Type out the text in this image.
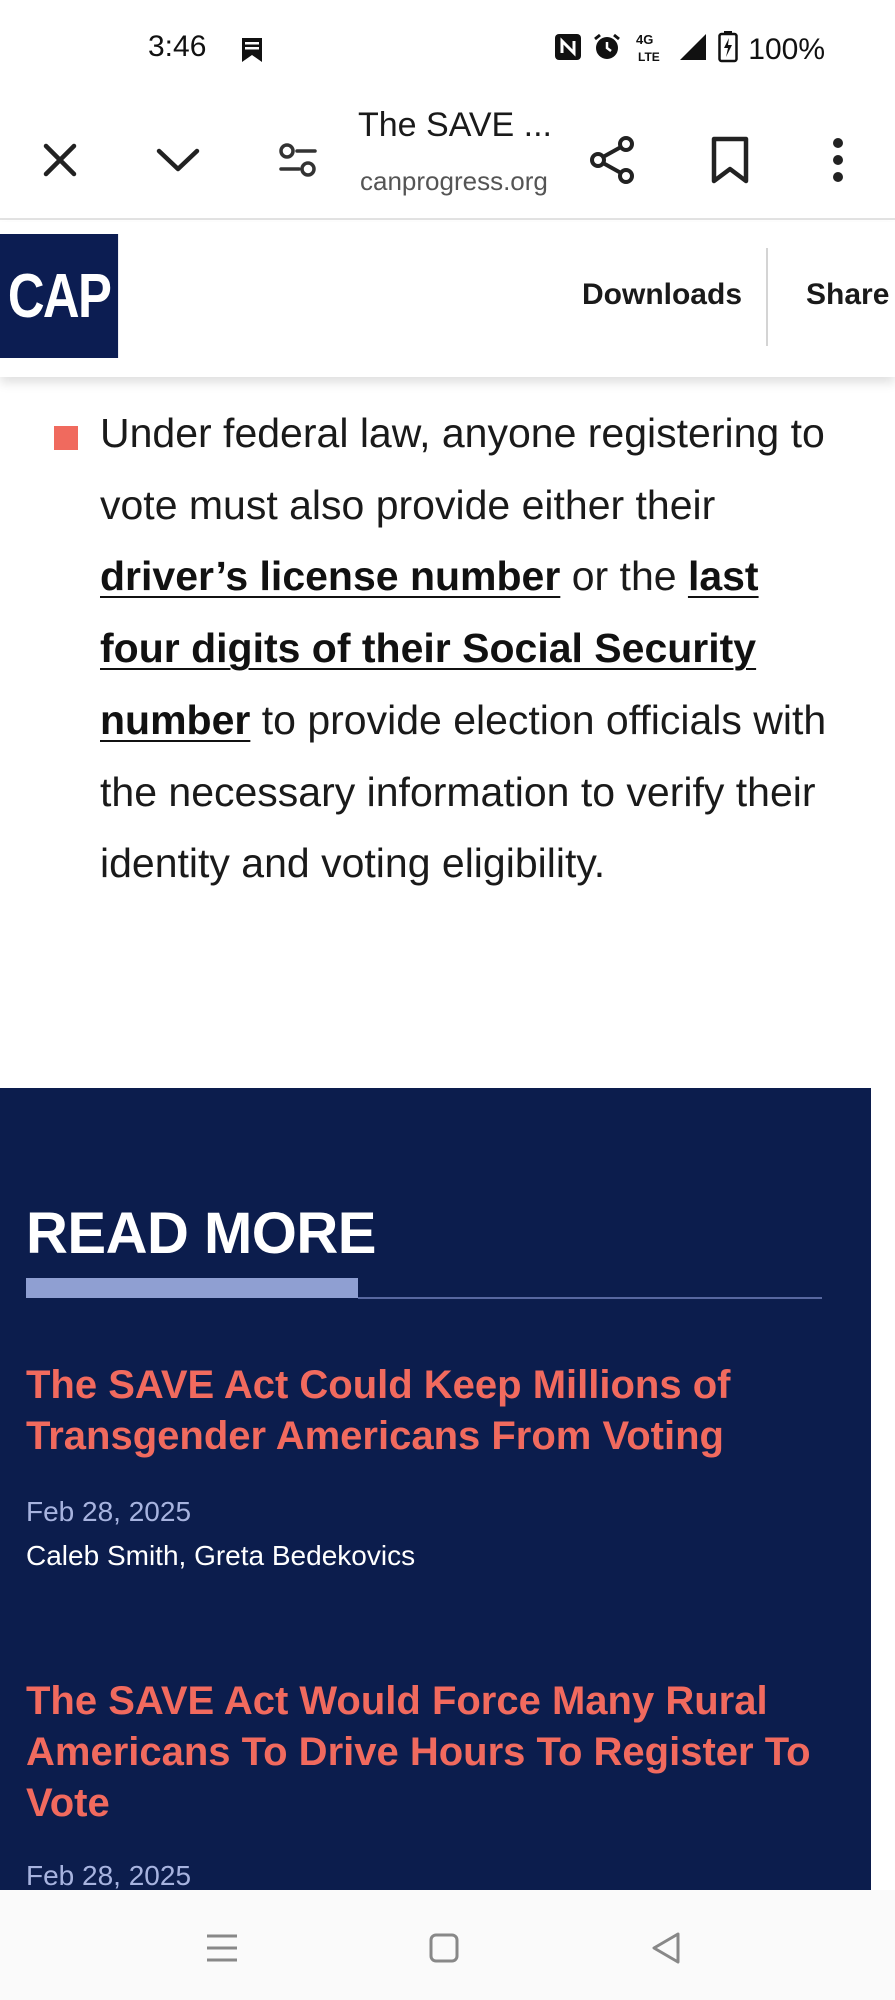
3:46	4G
LTE	100%
The SAVE ...
canprogress.org
CAP	Downloads Share
Under federal law, anyone registering to vote must also provide either their driver’s license number or the last four digits of their Social Security number to provide election officials with the necessary information to verify their identity and voting eligibility.
READ MORE
The SAVE Act Could Keep Millions of Transgender Americans From Voting
Feb 28, 2025
Caleb Smith, Greta Bedekovics
The SAVE Act Would Force Many Rural Americans To Drive Hours To Register To Vote
Feb 28, 2025
